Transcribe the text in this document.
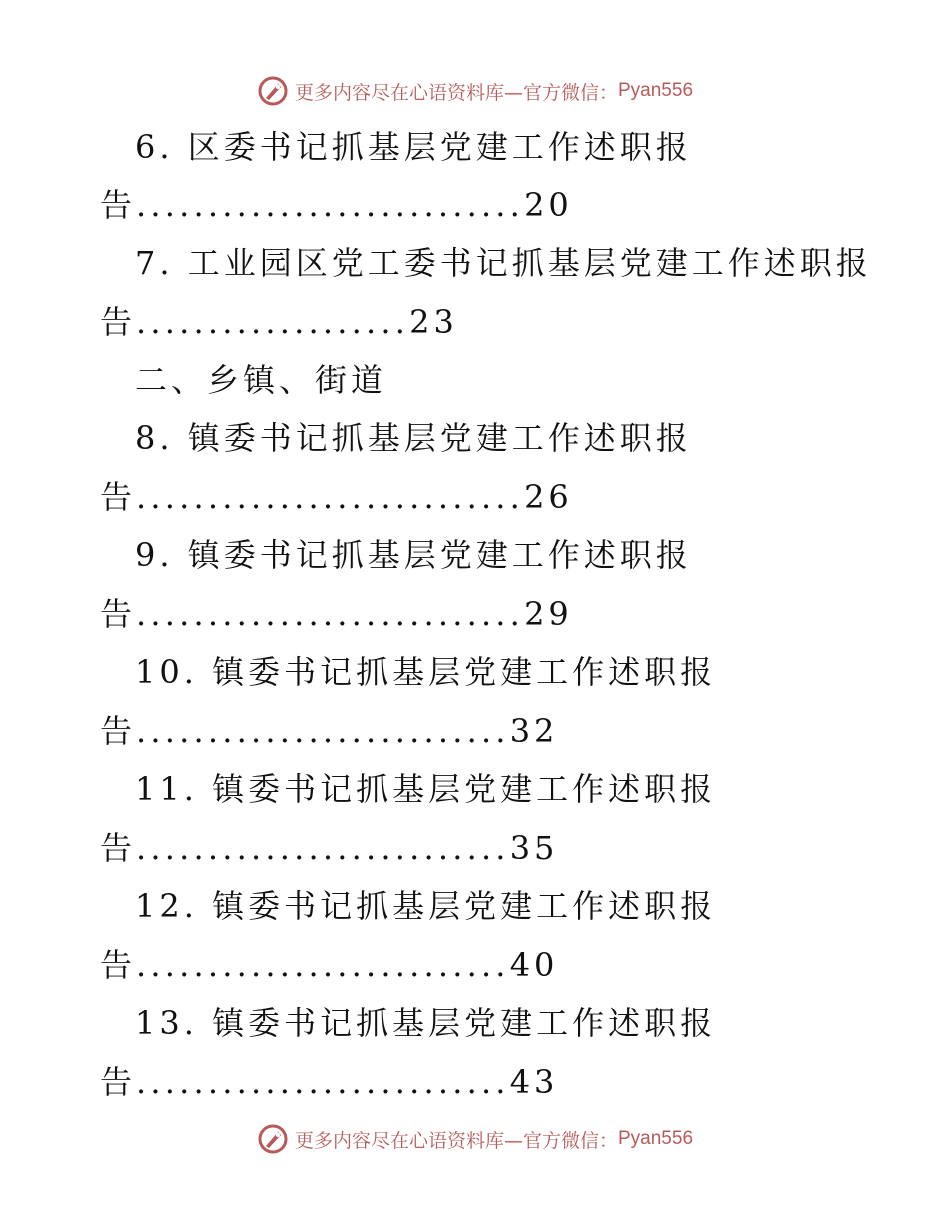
更多内容尽在心语资料库—官方微信： Pyan556
6. 区委书记抓基层党建工作述职报
告...........................20
7. 工业园区党工委书记抓基层党建工作述职报
告...................23
二、乡镇、街道
8. 镇委书记抓基层党建工作述职报
告...........................26
9. 镇委书记抓基层党建工作述职报
告...........................29
10. 镇委书记抓基层党建工作述职报
告..........................32
11. 镇委书记抓基层党建工作述职报
告..........................35
12. 镇委书记抓基层党建工作述职报
告..........................40
13. 镇委书记抓基层党建工作述职报
告..........................43
更多内容尽在心语资料库—官方微信： Pyan556
